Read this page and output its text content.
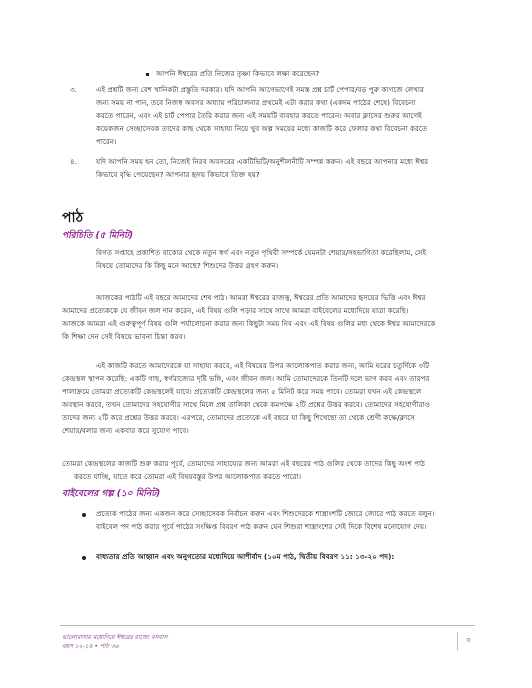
আপনি ঈশ্বরের প্রতি নিজের তৃষ্ণা কিভাবে লক্ষ্য করেছেন?

৩.	এই প্রশ্নটি জন্য বেশ খানিকটা প্রস্তুতি দরকার। যদি আপনি আগেভাগেই সমস্ত প্রশ্ন চার্ট পেপার/বড় পুরু কাগজে লেখার

জন্য সময় না পান, তবে নিজস্ব অবসর অধ্যায় পরিচালনার প্রথমেই এটা করার কথা (একদম পাঠের শেষে) বিবেচনা

করতে পারেন, এবং এই চার্ট পেপার তৈরি করার জন্য এই সময়টি ব্যবহার করতে পারেন। অবার ক্লাসের শুরুর আগেই

কয়েকজন সেচ্ছাসেবক তাদের কাছ থেকে সাহায্য নিয়ে খুব অল্প সময়ের মধ্যে কাজটি করে ফেলার কথা বিবেচনা করতে

পারেন।

৪.	যদি আপনি সময় হন তো, নিজেই নিরব অবসরের একটিভিটি/অনুশীলনীটি সম্পন্ন করুন। এই বছরে আপনার মধ্যে ঈশ্বর

কিভাবে বৃদ্ধি পেয়েছেন? আপনার হৃদয় কিভাবে তিক্ত হয়?

পাঠ
পরিচিতি (৫ মিনিট)

বিগত সপ্তাহে প্রকাশিত বাক্যের থেকে নতুন স্বর্গ এবং নতুন পৃথিবী সম্পর্কে যেমনটা শেয়ার/সহভাগিতা করেছিলাম, সেই

বিষয়ে তোমাদের কি কিছু মনে আছে? শিশুদের উত্তর গ্রহণ করুন।

আজকের পাঠটি এই বছরে আমাদের শেষ পাঠ। আমরা ঈশ্বরের রাজত্ব, ঈশ্বরের প্রতি আমাদের হৃদয়ের ভিত্তি এবং ঈশ্বর

আমাদের প্রত্যেককে যে জীবন জল দান করেন, এই বিষয় গুলি পড়ার সাথে সাথে আমরা বাইবেলের মধ্যেদিয়ে যাত্রা করেছি।

আজকে আমরা এই গুরুত্বপূর্ণ বিষয় গুলি পর্যালোচনা করার জন্য কিছুটা সময় নিব এবং এই বিষয় গুলির মধ্য থেকে ঈশ্বর আমাদেরকে

কি শিক্ষা দেন সেই বিষয়ে ভাবনা চিন্তা করব।

এই কাজটি করতে আমাদেরকে যা সাহায্য করবে, এই বিষয়ের উপর আলোকপাত করার জন্য, আমি ঘরের চতুর্দিকে ৩টি

কেন্দ্রস্থল স্থাপন করেছি: একটি গাছ, স্বর্গরাজ্যের দৃষ্টি ভঙ্গি, এবং জীবন জল। আমি তোমাদেরকে তিনটি দলে ভাগ করব এবং তারপর

পালাক্রমে তোমরা প্রত্যেকটি কেন্দ্রস্থলেই যাবে। প্রত্যেকটি কেন্দ্রস্থলের জন্য ৫ মিনিট করে সময় পাবে। তোমরা যখন এই কেন্দ্রস্থলে

অবস্থান করবে, তখন তোমাদের সহযোগীর সাথে মিলে প্রশ্ন তালিকা থেকে কমপক্ষে ২টি প্রশ্নের উত্তর করবে। তোমাদের সহযোগীরাও

তাদের জন্য ২টি করে প্রশ্নের উত্তর করবে। এরপরে, তোমাদের প্রত্যেকে এই বছরে যা কিছু শিখেছো তা থেকে শ্রেণী কক্ষে/ক্লাসে

শেয়ার/বলার জন্য একবার করে সুযোগ পাবে।

তোমরা কেন্দ্রস্থলের কাজটি শুরু করার পূর্বে, তোমাদের সাহায্যের জন্য আমরা এই বছরের পাঠ গুলির থেকে তাদের কিছু অংশ পাঠ

করতে যাচ্ছি, যাতে করে তোমরা এই বিষয়বস্তুর উপর আলোকপাত করতে পারো।

বাইবেলের গল্প (১০ মিনিট)

প্রত্যেক পাঠের জন্য একজন করে সেচ্ছাসেবক নির্বাচন করুন এবং শিশুদেরকে শাস্ত্রাংশটি জোরে জোরে পাঠ করতে বলুন।

বাইবেল পদ পাঠ করার পূর্বে পাঠের সংক্ষিপ্ত বিবরণ পাঠ করুন যেন শিশুরা শাস্ত্রাংশের সেই দিকে বিশেষ মনোযোগ দেয়।

বাধ্যতার প্রতি আহ্বান এবং অনুগত্যের মধ্যেদিয়ে আশীর্বাদ (১০ম পাঠ, দ্বিতীয় বিবরণ ১১: ১৩-২০ পদ):

ভালোবাসার মধ্যেদিয়ে ঈশ্বরের রাজ্যে বসবাস
বয়স ১২-১৪ • পাঠ ৩৬
৩
